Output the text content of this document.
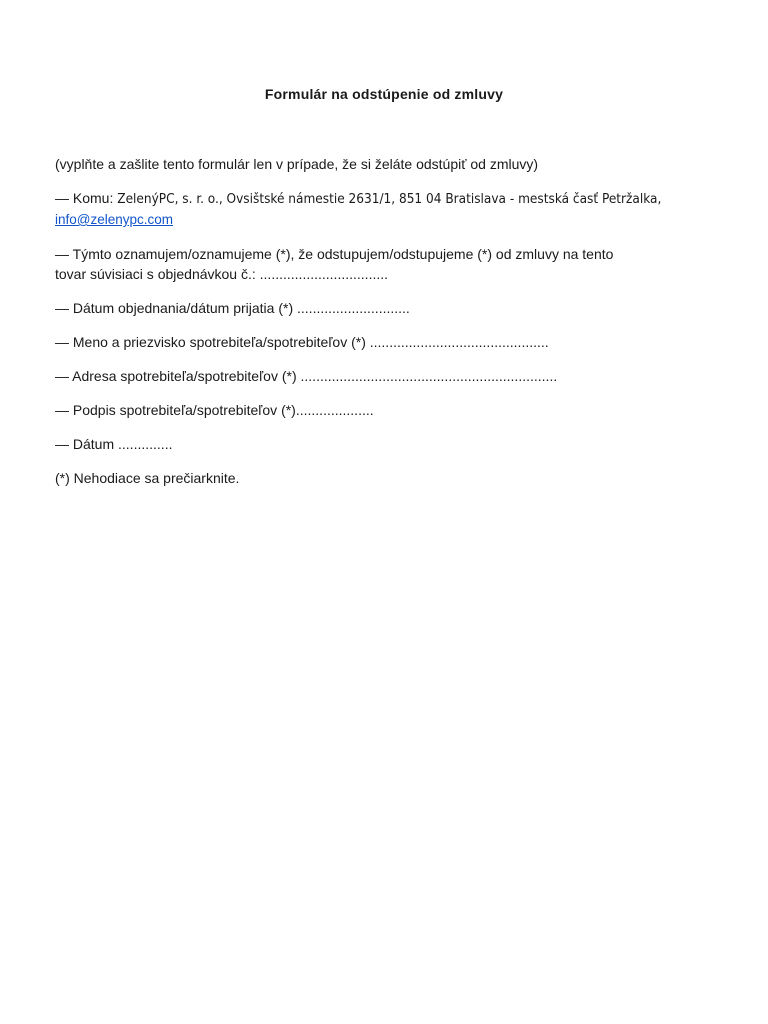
Formulár na odstúpenie od zmluvy

(vyplňte a zašlite tento formulár len v prípade, že si želáte odstúpiť od zmluvy)

— Komu: ZelenýPC, s. r. o., Ovsištské námestie 2631/1, 851 04 Bratislava - mestská časť Petržalka,
info@zelenypc.com

— Týmto oznamujem/oznamujeme (*), že odstupujem/odstupujeme (*) od zmluvy na tento
tovar súvisiaci s objednávkou č.: .................................

— Dátum objednania/dátum prijatia (*) .............................

— Meno a priezvisko spotrebiteľa/spotrebiteľov (*) ..............................................

— Adresa spotrebiteľa/spotrebiteľov (*) ..................................................................

— Podpis spotrebiteľa/spotrebiteľov (*)....................

— Dátum ..............

(*) Nehodiace sa prečiarknite.
